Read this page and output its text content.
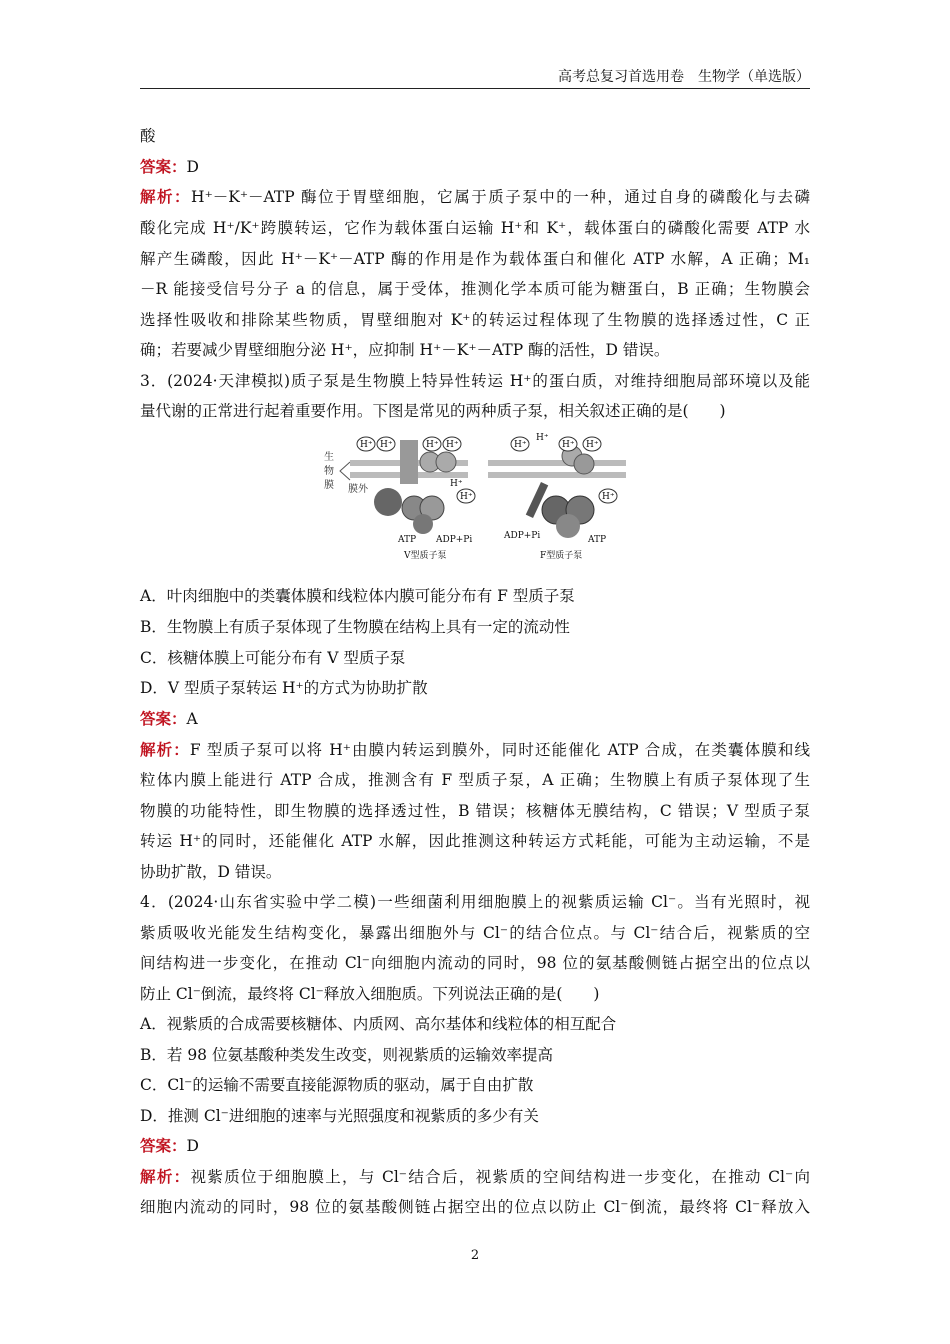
高考总复习首选用卷　生物学（单选版）
酸
答案：D
解析：H⁺－K⁺－ATP 酶位于胃壁细胞，它属于质子泵中的一种，通过自身的磷酸化与去磷
酸化完成 H⁺/K⁺跨膜转运，它作为载体蛋白运输 H⁺和 K⁺，载体蛋白的磷酸化需要 ATP 水
解产生磷酸，因此 H⁺－K⁺－ATP 酶的作用是作为载体蛋白和催化 ATP 水解，A 正确；M₁
－R 能接受信号分子 a 的信息，属于受体，推测化学本质可能为糖蛋白，B 正确；生物膜会
选择性吸收和排除某些物质，胃壁细胞对 K⁺的转运过程体现了生物膜的选择透过性，C 正
确；若要减少胃壁细胞分泌 H⁺，应抑制 H⁺－K⁺－ATP 酶的活性，D 错误。
3．(2024·天津模拟)质子泵是生物膜上特异性转运 H⁺的蛋白质，对维持细胞局部环境以及能
量代谢的正常进行起着重要作用。下图是常见的两种质子泵，相关叙述正确的是(　　)
生
物
膜 膜外
H⁺ H⁺	H⁺ H⁺
H⁺
H⁺
H⁺
H⁺
H⁺ H⁺
H⁺
ATP ADP+Pi	ADP+Pi	ATP
V型质子泵	F型质子泵
A．叶肉细胞中的类囊体膜和线粒体内膜可能分布有 F 型质子泵
B．生物膜上有质子泵体现了生物膜在结构上具有一定的流动性
C．核糖体膜上可能分布有 V 型质子泵
D．V 型质子泵转运 H⁺的方式为协助扩散
答案：A
解析：F 型质子泵可以将 H⁺由膜内转运到膜外，同时还能催化 ATP 合成，在类囊体膜和线
粒体内膜上能进行 ATP 合成，推测含有 F 型质子泵，A 正确；生物膜上有质子泵体现了生
物膜的功能特性，即生物膜的选择透过性，B 错误；核糖体无膜结构，C 错误；V 型质子泵
转运 H⁺的同时，还能催化 ATP 水解，因此推测这种转运方式耗能，可能为主动运输，不是
协助扩散，D 错误。
4．(2024·山东省实验中学二模)一些细菌利用细胞膜上的视紫质运输 Cl⁻。当有光照时，视
紫质吸收光能发生结构变化，暴露出细胞外与 Cl⁻的结合位点。与 Cl⁻结合后，视紫质的空
间结构进一步变化，在推动 Cl⁻向细胞内流动的同时，98 位的氨基酸侧链占据空出的位点以
防止 Cl⁻倒流，最终将 Cl⁻释放入细胞质。下列说法正确的是(　　)
A．视紫质的合成需要核糖体、内质网、高尔基体和线粒体的相互配合
B．若 98 位氨基酸种类发生改变，则视紫质的运输效率提高
C．Cl⁻的运输不需要直接能源物质的驱动，属于自由扩散
D．推测 Cl⁻进细胞的速率与光照强度和视紫质的多少有关
答案：D
解析：视紫质位于细胞膜上，与 Cl⁻结合后，视紫质的空间结构进一步变化，在推动 Cl⁻向
细胞内流动的同时，98 位的氨基酸侧链占据空出的位点以防止 Cl⁻倒流，最终将 Cl⁻释放入
2
